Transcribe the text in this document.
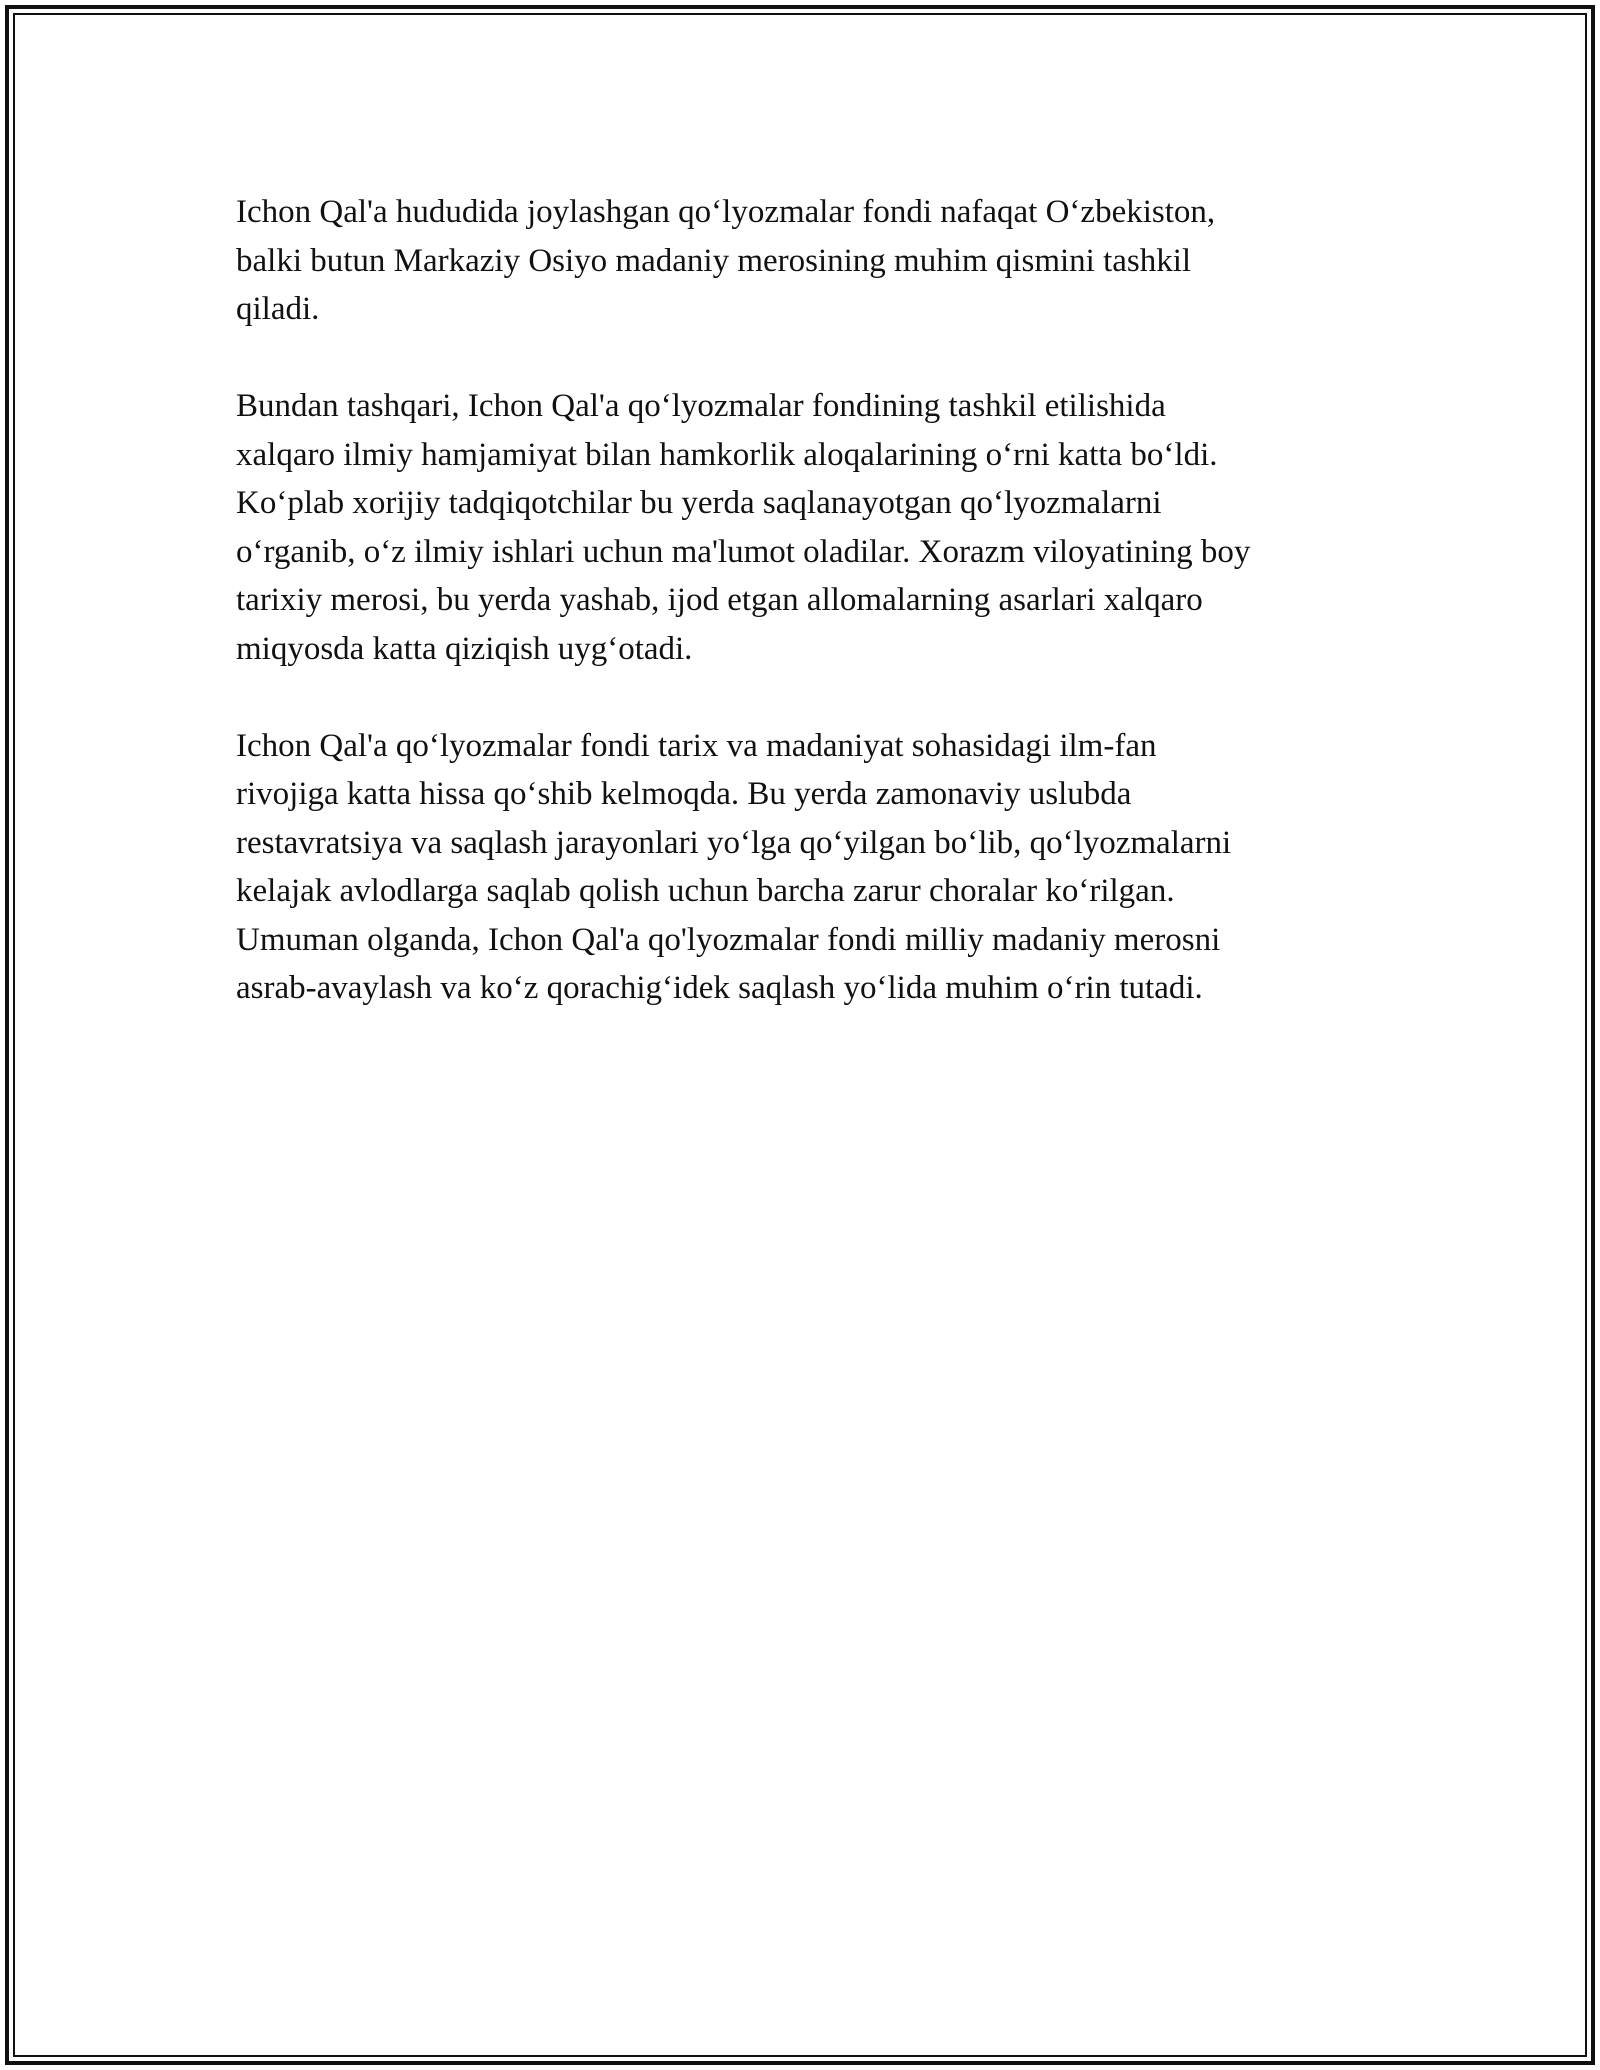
Ichon Qal'a hududida joylashgan qo‘lyozmalar fondi nafaqat O‘zbekiston,
balki butun Markaziy Osiyo madaniy merosining muhim qismini tashkil
qiladi.

Bundan tashqari, Ichon Qal'a qo‘lyozmalar fondining tashkil etilishida
xalqaro ilmiy hamjamiyat bilan hamkorlik aloqalarining o‘rni katta bo‘ldi.
Ko‘plab xorijiy tadqiqotchilar bu yerda saqlanayotgan qo‘lyozmalarni
o‘rganib, o‘z ilmiy ishlari uchun ma'lumot oladilar. Xorazm viloyatining boy
tarixiy merosi, bu yerda yashab, ijod etgan allomalarning asarlari xalqaro
miqyosda katta qiziqish uyg‘otadi.

Ichon Qal'a qo‘lyozmalar fondi tarix va madaniyat sohasidagi ilm-fan
rivojiga katta hissa qo‘shib kelmoqda. Bu yerda zamonaviy uslubda
restavratsiya va saqlash jarayonlari yo‘lga qo‘yilgan bo‘lib, qo‘lyozmalarni
kelajak avlodlarga saqlab qolish uchun barcha zarur choralar ko‘rilgan.
Umuman olganda, Ichon Qal'a qo'lyozmalar fondi milliy madaniy merosni
asrab-avaylash va ko‘z qorachig‘idek saqlash yo‘lida muhim o‘rin tutadi.
